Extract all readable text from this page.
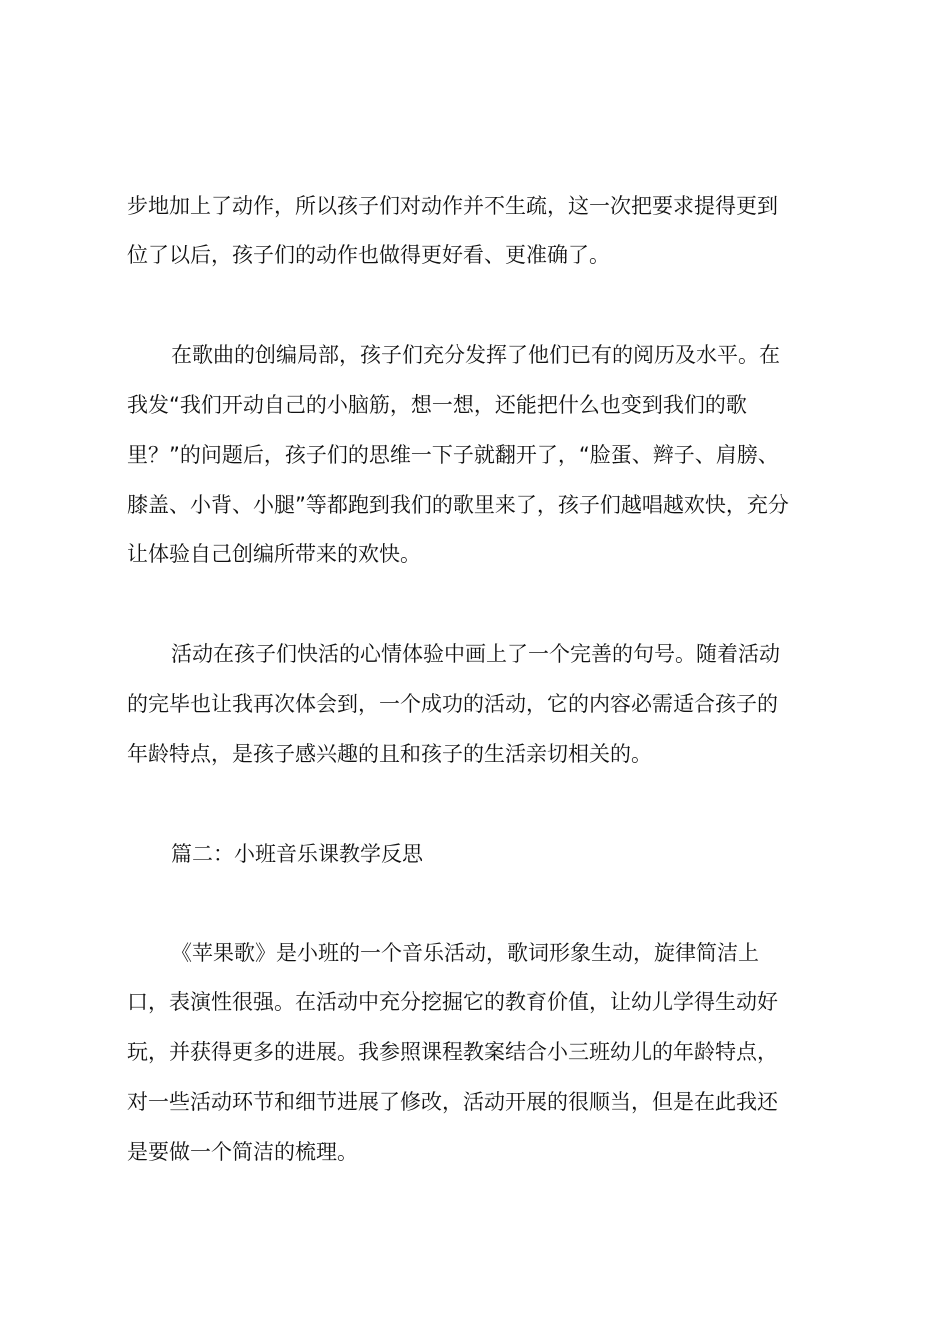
步地加上了动作，所以孩子们对动作并不生疏，这一次把要求提得更到
位了以后，孩子们的动作也做得更好看、更准确了。
在歌曲的创编局部，孩子们充分发挥了他们已有的阅历及水平。在
我发“我们开动自己的小脑筋，想一想，还能把什么也变到我们的歌
里？”的问题后，孩子们的思维一下子就翻开了，“脸蛋、辫子、肩膀、
膝盖、小背、小腿”等都跑到我们的歌里来了，孩子们越唱越欢快，充分
让体验自己创编所带来的欢快。
活动在孩子们快活的心情体验中画上了一个完善的句号。随着活动
的完毕也让我再次体会到，一个成功的活动，它的内容必需适合孩子的
年龄特点，是孩子感兴趣的且和孩子的生活亲切相关的。
篇二：小班音乐课教学反思
《苹果歌》是小班的一个音乐活动，歌词形象生动，旋律简洁上
口，表演性很强。在活动中充分挖掘它的教育价值，让幼儿学得生动好
玩，并获得更多的进展。我参照课程教案结合小三班幼儿的年龄特点，
对一些活动环节和细节进展了修改，活动开展的很顺当，但是在此我还
是要做一个简洁的梳理。
